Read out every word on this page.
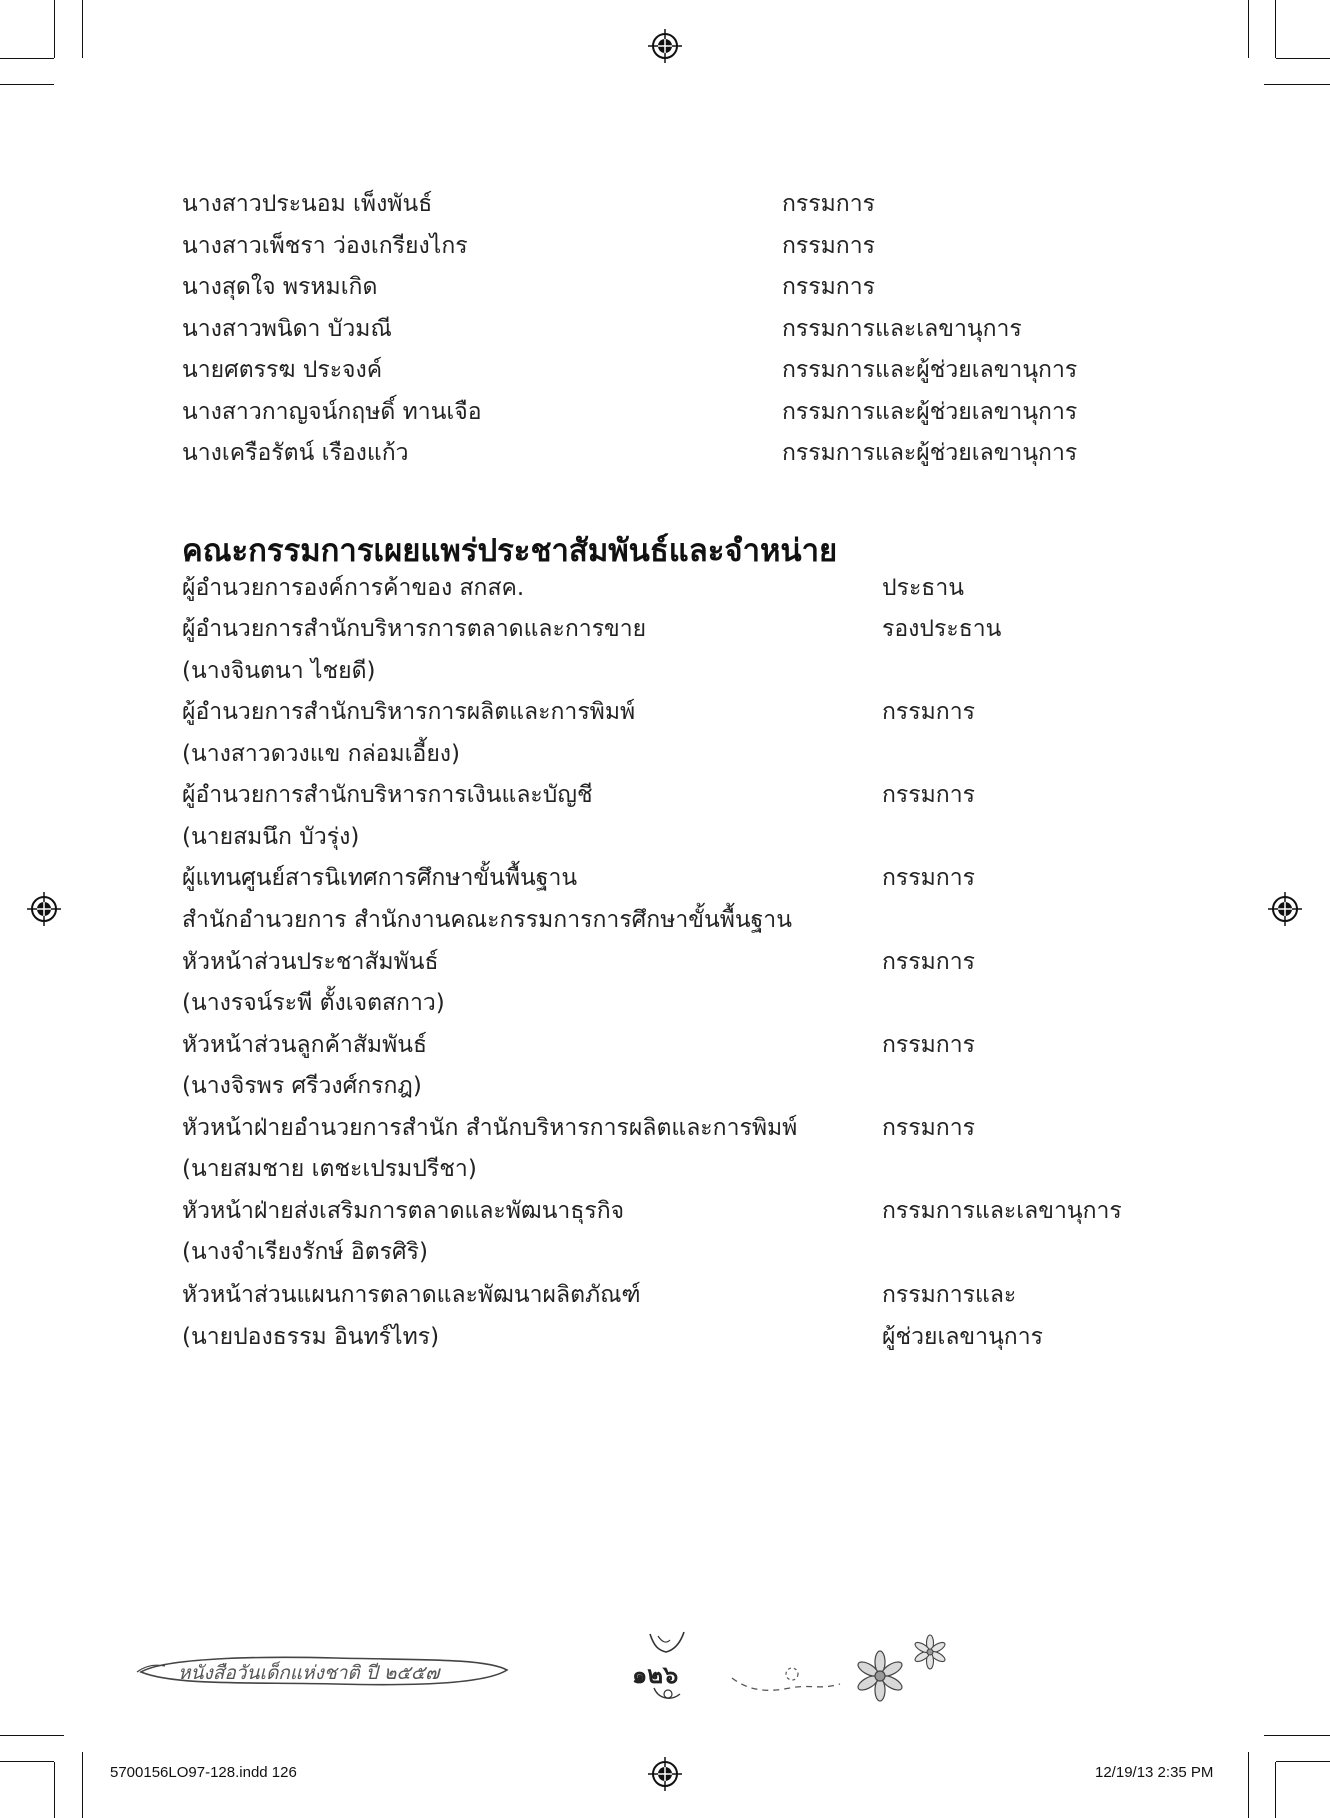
นางสาวประนอม เพ็งพันธ์	กรรมการ
นางสาวเพ็ชรา ว่องเกรียงไกร	กรรมการ
นางสุดใจ พรหมเกิด	กรรมการ
นางสาวพนิดา บัวมณี	กรรมการและเลขานุการ
นายศตรรฆ ประจงค์	กรรมการและผู้ช่วยเลขานุการ
นางสาวกาญจน์กฤษดิ์ ทานเจือ	กรรมการและผู้ช่วยเลขานุการ
นางเครือรัตน์ เรืองแก้ว	กรรมการและผู้ช่วยเลขานุการ
คณะกรรมการเผยแพร่ประชาสัมพันธ์และจำหน่าย
ผู้อำนวยการองค์การค้าของ สกสค.	ประธาน
ผู้อำนวยการสำนักบริหารการตลาดและการขาย	รองประธาน
(นางจินตนา ไชยดี)
ผู้อำนวยการสำนักบริหารการผลิตและการพิมพ์	กรรมการ
(นางสาวดวงแข กล่อมเอี้ยง)
ผู้อำนวยการสำนักบริหารการเงินและบัญชี	กรรมการ
(นายสมนึก บัวรุ่ง)
ผู้แทนศูนย์สารนิเทศการศึกษาขั้นพื้นฐาน	กรรมการ
สำนักอำนวยการ สำนักงานคณะกรรมการการศึกษาขั้นพื้นฐาน
หัวหน้าส่วนประชาสัมพันธ์	กรรมการ
(นางรจน์ระพี ตั้งเจตสกาว)
หัวหน้าส่วนลูกค้าสัมพันธ์	กรรมการ
(นางจิรพร ศรีวงศ์กรกฎ)
หัวหน้าฝ่ายอำนวยการสำนัก สำนักบริหารการผลิตและการพิมพ์	กรรมการ
(นายสมชาย เตชะเปรมปรีชา)
หัวหน้าฝ่ายส่งเสริมการตลาดและพัฒนาธุรกิจ	กรรมการและเลขานุการ
(นางจำเรียงรักษ์ อิตรศิริ)
หัวหน้าส่วนแผนการตลาดและพัฒนาผลิตภัณฑ์	กรรมการและ
(นายปองธรรม อินทร์ไทร)	ผู้ช่วยเลขานุการ
หนังสือวันเด็กแห่งชาติ ปี ๒๕๕๗	๑๒๖
5700156LO97-128.indd 126	12/19/13 2:35 PM
